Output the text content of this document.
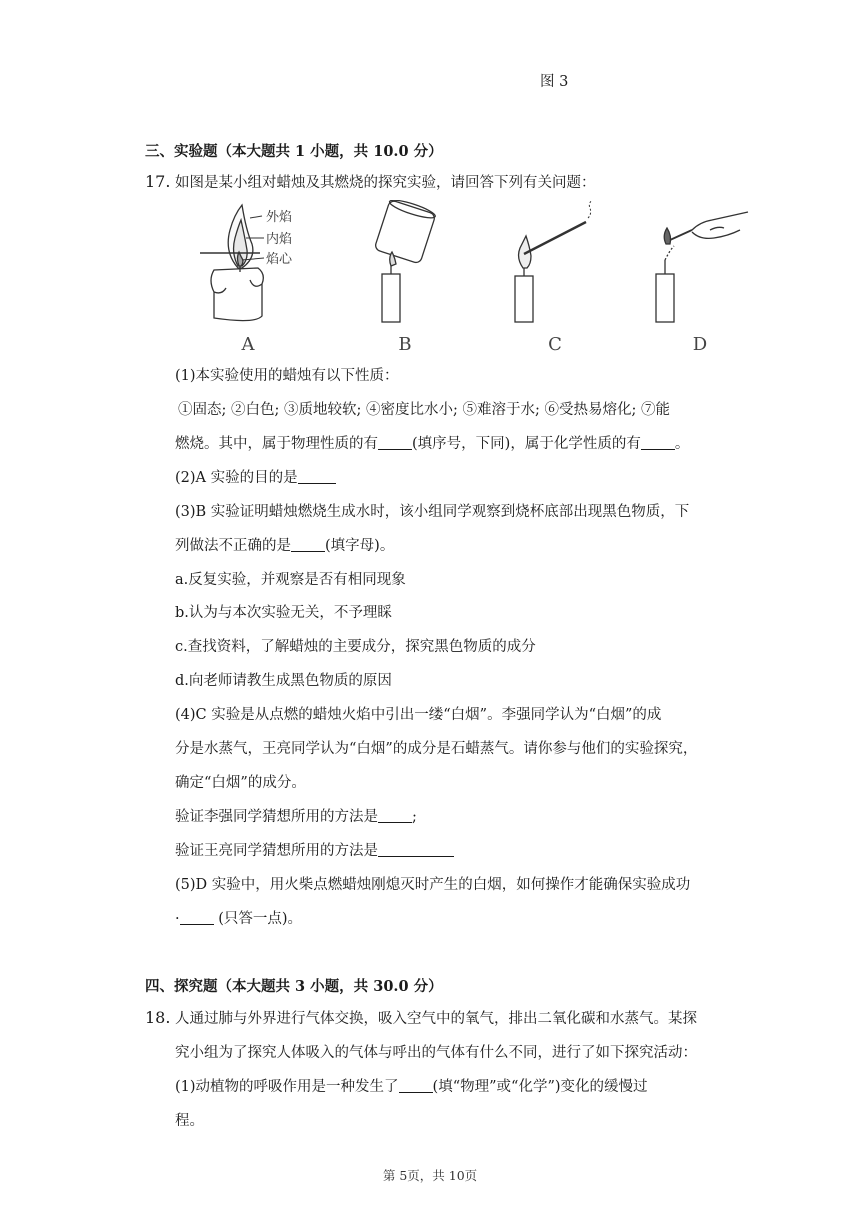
图 3
三、实验题（本大题共 1 小题，共 10.0 分）
17. 如图是某小组对蜡烛及其燃烧的探究实验，请回答下列有关问题：
外焰
内焰
焰心
A	B	C	D
(1)本实验使用的蜡烛有以下性质：
①固态; ②白色; ③质地较软; ④密度比水小; ⑤难溶于水; ⑥受热易熔化; ⑦能
燃烧。其中，属于物理性质的有 (填序号，下同)，属于化学性质的有 。
(2)A 实验的目的是
(3)B 实验证明蜡烛燃烧生成水时，该小组同学观察到烧杯底部出现黑色物质，下
列做法不正确的是 (填字母)。
a.反复实验，并观察是否有相同现象
b.认为与本次实验无关，不予理睬
c.查找资料，了解蜡烛的主要成分，探究黑色物质的成分
d.向老师请教生成黑色物质的原因
(4)C 实验是从点燃的蜡烛火焰中引出一缕“白烟”。李强同学认为“白烟”的成
分是水蒸气，王亮同学认为“白烟”的成分是石蜡蒸气。请你参与他们的实验探究，
确定“白烟”的成分。
验证李强同学猜想所用的方法是 ;
验证王亮同学猜想所用的方法是
(5)D 实验中，用火柴点燃蜡烛刚熄灭时产生的白烟，如何操作才能确保实验成功
·	(只答一点)。
四、探究题（本大题共 3 小题，共 30.0 分）
18. 人通过肺与外界进行气体交换，吸入空气中的氧气，排出二氧化碳和水蒸气。某探
究小组为了探究人体吸入的气体与呼出的气体有什么不同，进行了如下探究活动：
(1)动植物的呼吸作用是一种发生了 (填“物理”或“化学”)变化的缓慢过
程。
第 5页，共 10页
